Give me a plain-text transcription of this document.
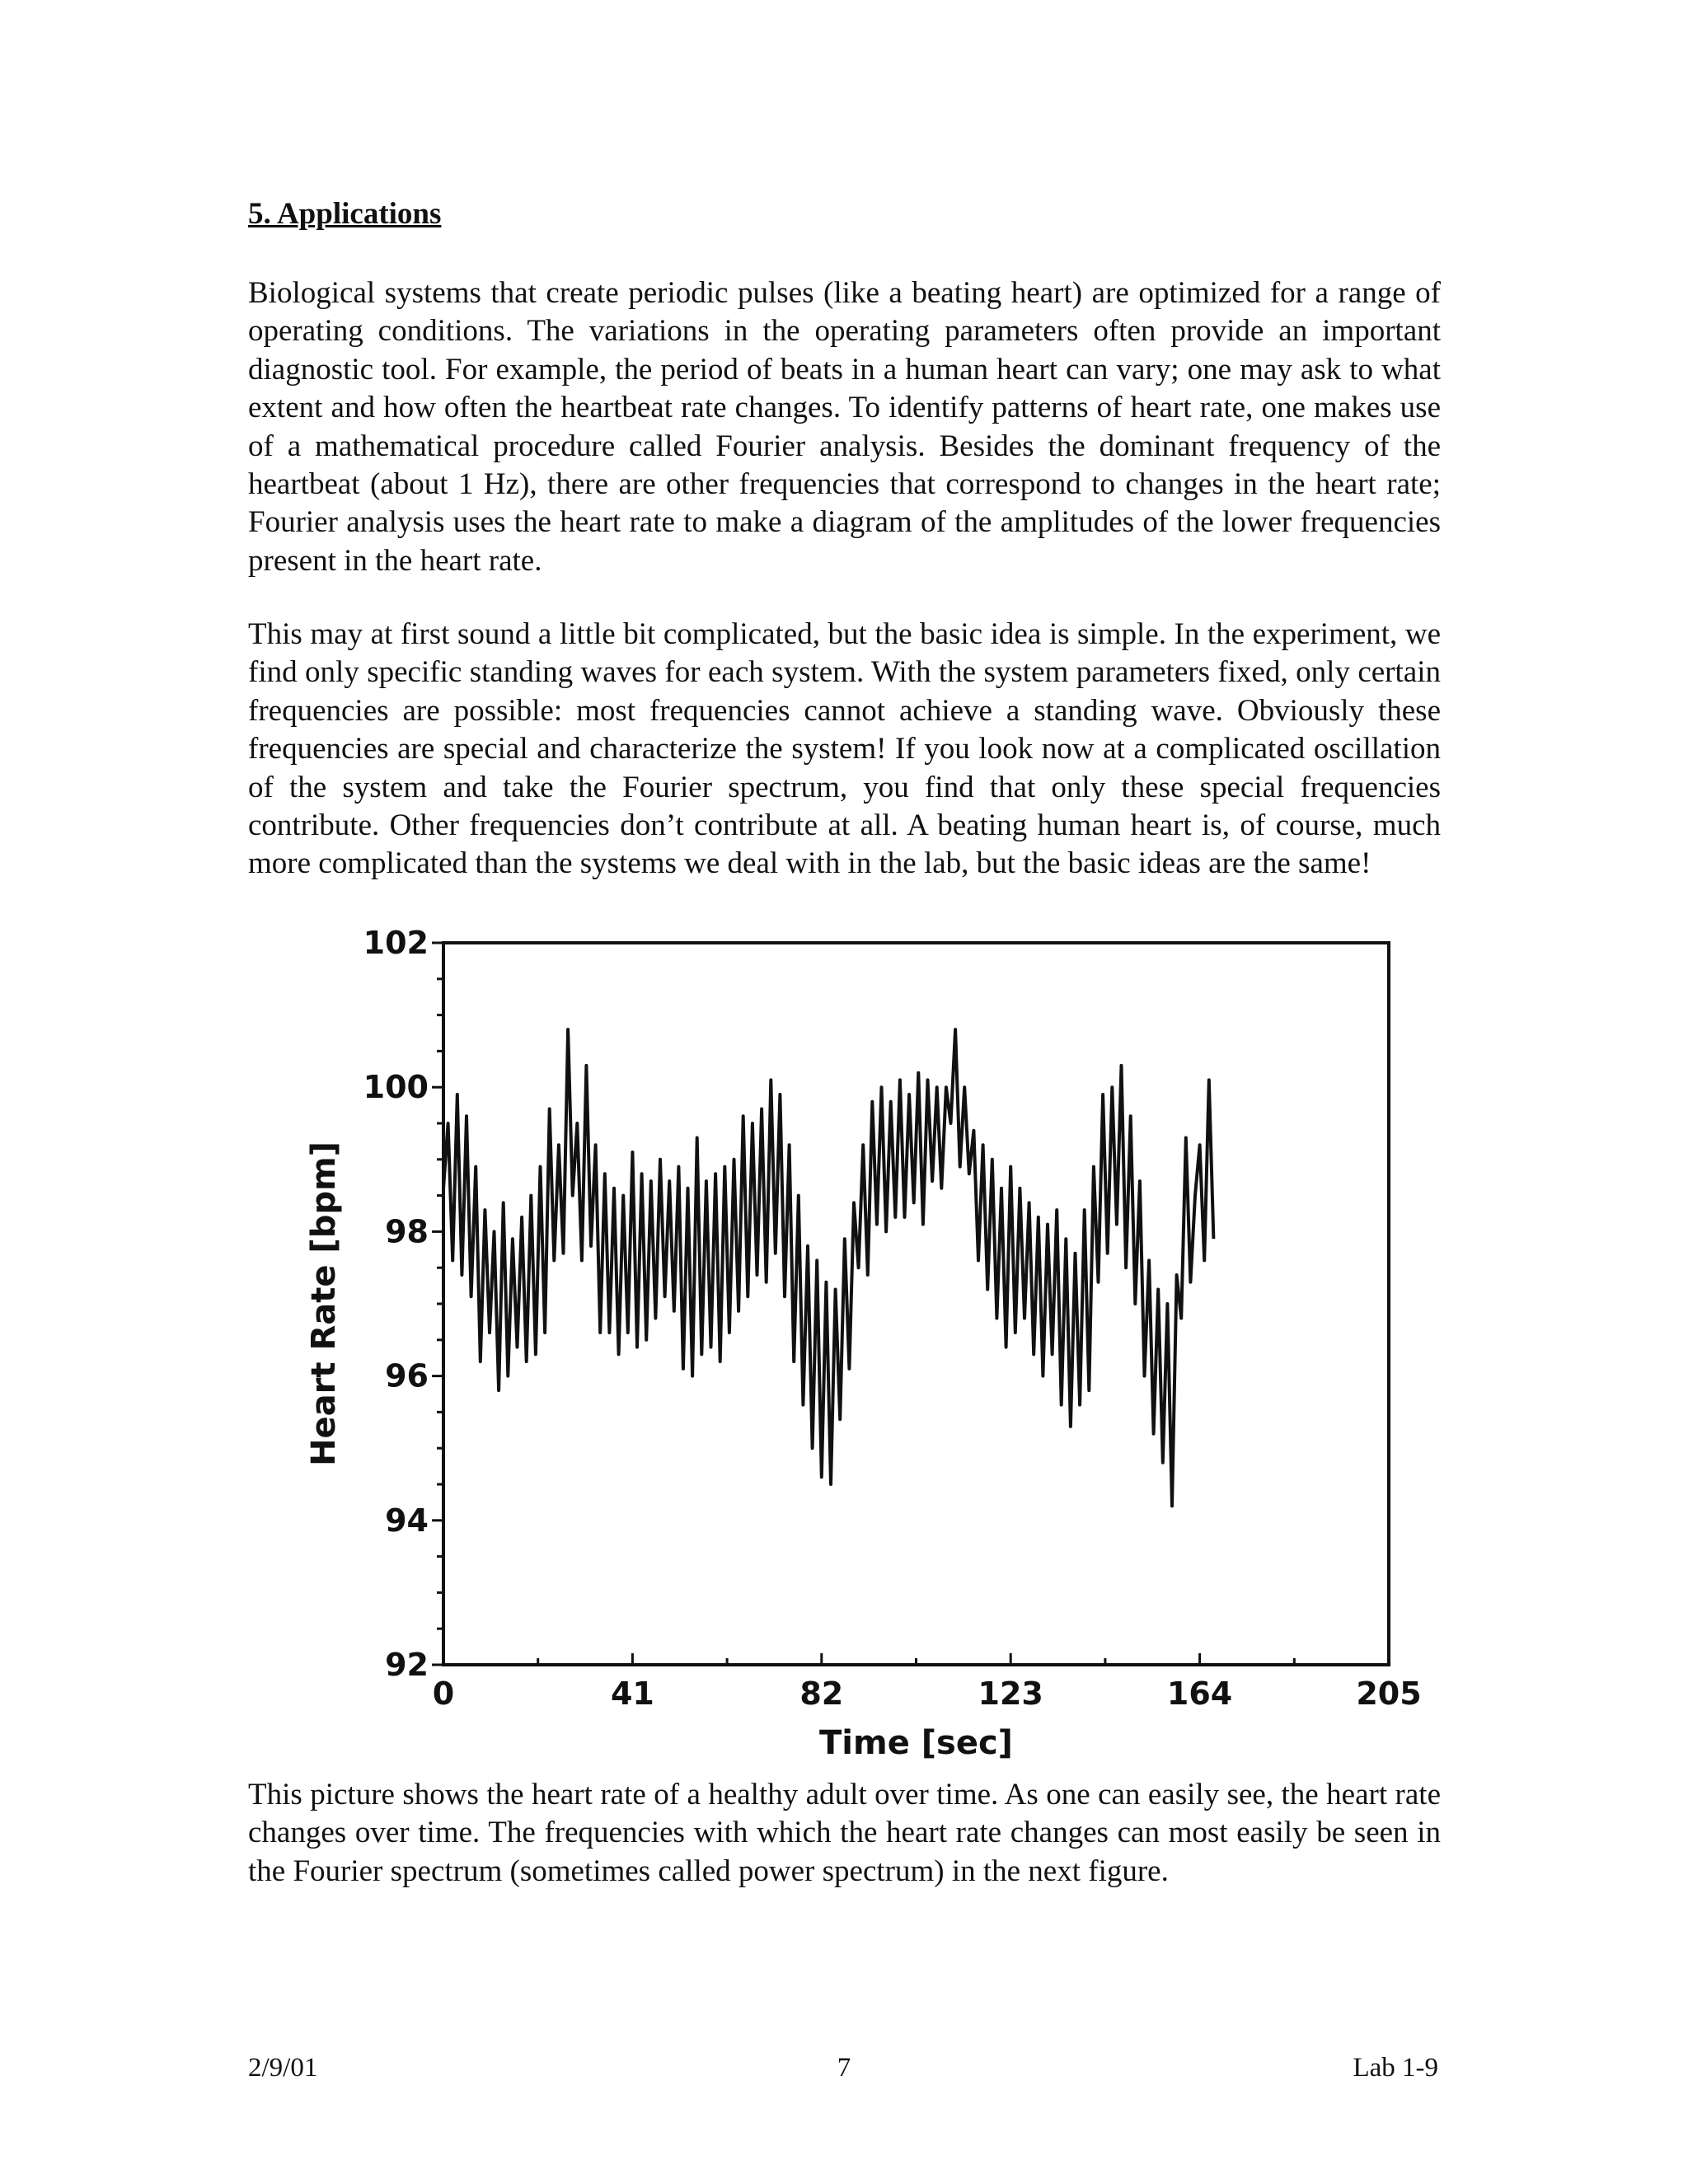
5. Applications
Biological systems that create periodic pulses (like a beating heart) are optimized for a range of operating conditions. The variations in the operating parameters often provide an important diagnostic tool. For example, the period of beats in a human heart can vary; one may ask to what extent and how often the heartbeat rate changes. To identify patterns of heart rate, one makes use of a mathematical procedure called Fourier analysis. Besides the dominant frequency of the heartbeat (about 1 Hz), there are other frequencies that correspond to changes in the heart rate; Fourier analysis uses the heart rate to make a diagram of the amplitudes of the lower frequencies present in the heart rate.
This may at first sound a little bit complicated, but the basic idea is simple. In the experiment, we find only specific standing waves for each system. With the system parameters fixed, only certain frequencies are possible: most frequencies cannot achieve a standing wave. Obviously these frequencies are special and characterize the system! If you look now at a complicated oscillation of the system and take the Fourier spectrum, you find that only these special frequencies contribute. Other frequencies don’t contribute at all. A beating human heart is, of course, much more complicated than the systems we deal with in the lab, but the basic ideas are the same!
92
94
96
98
100
102
0	41	82	123	164	205
Heart Rate [bpm]
Time [sec]
This picture shows the heart rate of a healthy adult over time. As one can easily see, the heart rate changes over time. The frequencies with which the heart rate changes can most easily be seen in the Fourier spectrum (sometimes called power spectrum) in the next figure.
2/9/01	7	Lab 1-9
